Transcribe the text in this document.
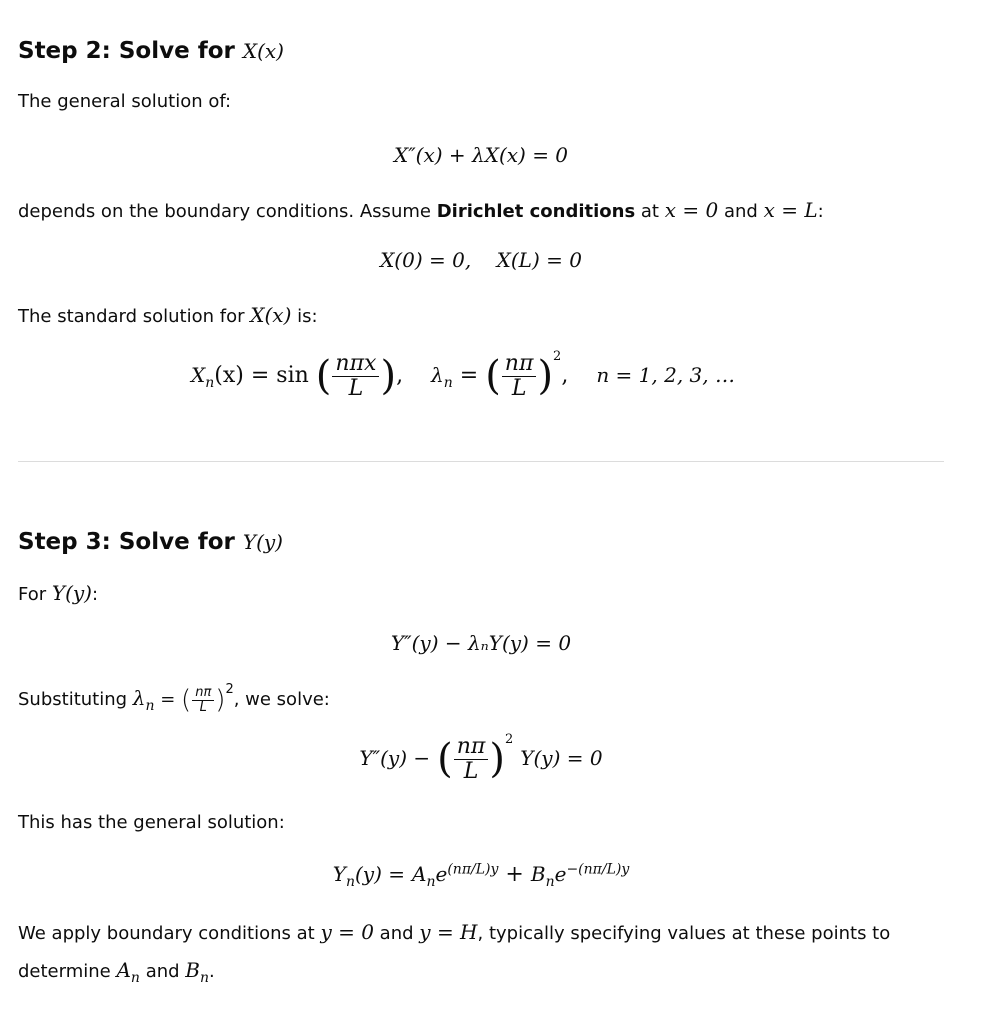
Step 2: Solve for X(x)

The general solution of:

X″(x) + λX(x) = 0

depends on the boundary conditions. Assume Dirichlet conditions at x = 0 and x = L:

X(0) = 0,    X(L) = 0

The standard solution for X(x) is:

$X_n(x) = \sin$ ( $\frac{\text{nπx}}{L}$ ), $\lambda_n$ = ( $\frac{n\pi}{L} )^2$, n = 1, 2, 3, …
Step 3: Solve for Y(y)

For Y(y):

Y″(y) − λₙY(y) = 0

Substituting $\lambda_n$ = ( $\frac{n\pi}{L} )^2$, we solve:

Y″(y) − ( $\frac{n\pi}{L} )^2$ Y(y) = 0

This has the general solution:

$Y_n(y) = A_ne^{(n\pi/L)y} + B_ne^{-(n\pi/L)y}$

We apply boundary conditions at y = 0 and y = H, typically specifying values at these points to determine $A_n$ and $B_n$.
